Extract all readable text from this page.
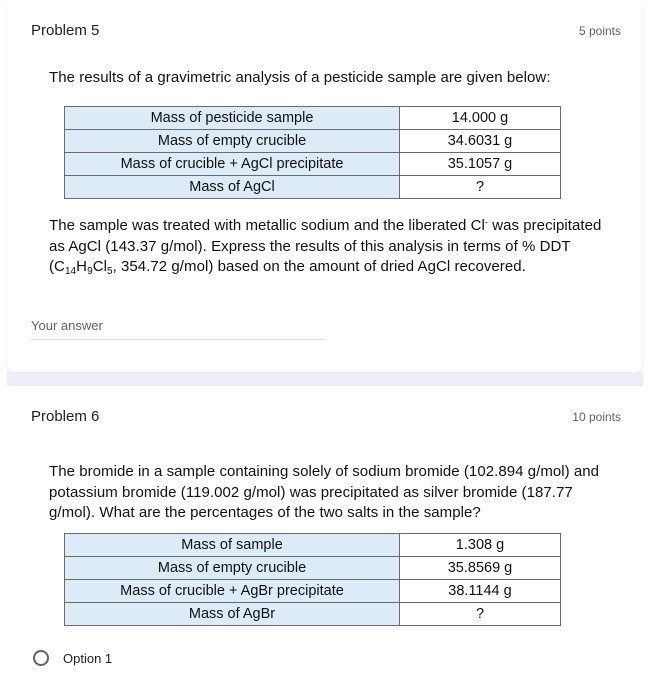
Problem 5	5 points
The results of a gravimetric analysis of a pesticide sample are given below:
Mass of pesticide sample	14.000 g
Mass of empty crucible	34.6031 g
Mass of crucible + AgCl precipitate	35.1057 g
Mass of AgCl	?
The sample was treated with metallic sodium and the liberated Cl- was precipitated as AgCl (143.37 g/mol). Express the results of this analysis in terms of % DDT ($C_{14}H_9Cl_5$, 354.72 g/mol) based on the amount of dried AgCl recovered.
Your answer
Problem 6	10 points
The bromide in a sample containing solely of sodium bromide (102.894 g/mol) and potassium bromide (119.002 g/mol) was precipitated as silver bromide (187.77 g/mol). What are the percentages of the two salts in the sample?
Mass of sample	1.308 g
Mass of empty crucible	35.8569 g
Mass of crucible + AgBr precipitate	38.1144 g
Mass of AgBr	?
Option 1
